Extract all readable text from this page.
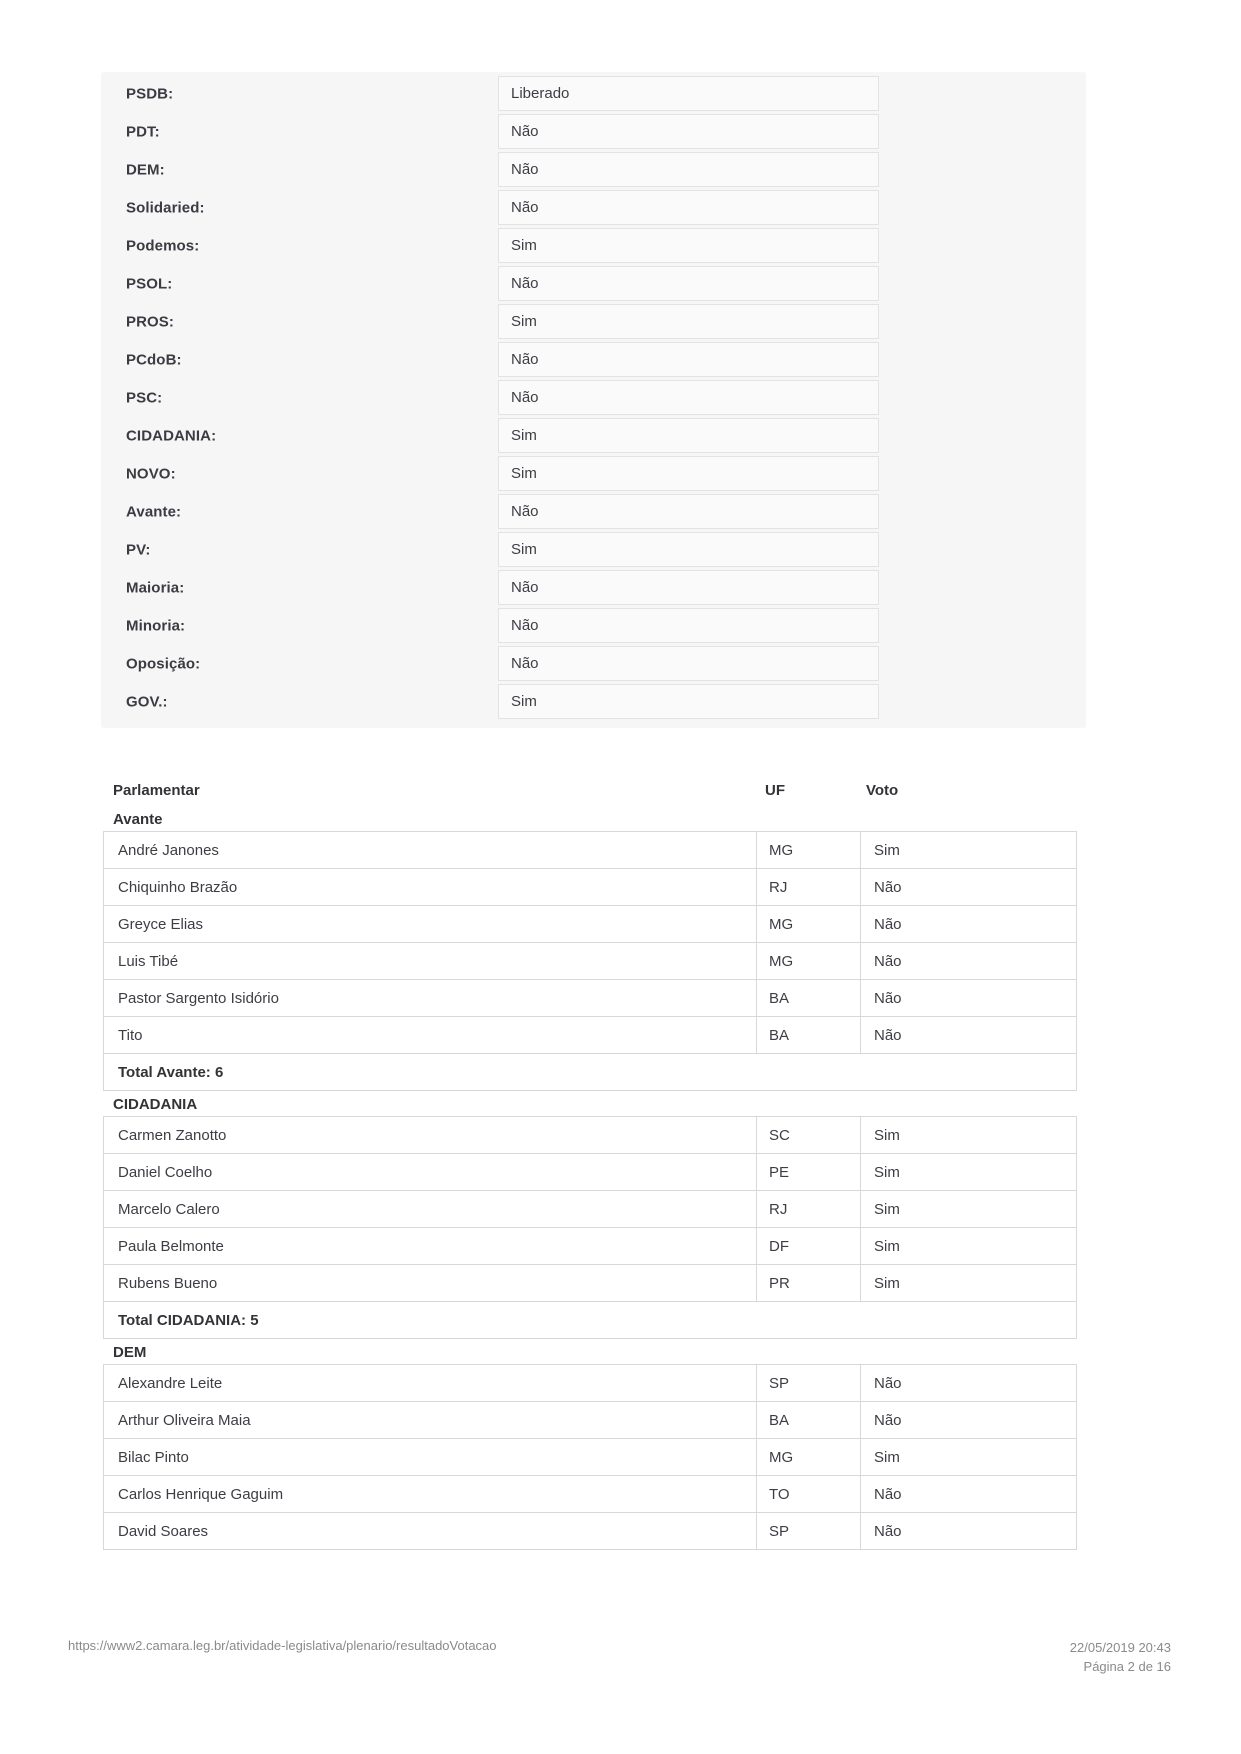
PSDB:	Liberado
PDT:	Não
DEM:	Não
Solidaried:	Não
Podemos:	Sim
PSOL:	Não
PROS:	Sim
PCdoB:	Não
PSC:	Não
CIDADANIA:	Sim
NOVO:	Sim
Avante:	Não
PV:	Sim
Maioria:	Não
Minoria:	Não
Oposição:	Não
GOV.:	Sim
Parlamentar	UF	Voto
Avante
André Janones	MG	Sim
Chiquinho Brazão	RJ	Não
Greyce Elias	MG	Não
Luis Tibé	MG	Não
Pastor Sargento Isidório	BA	Não
Tito	BA	Não
Total Avante: 6
CIDADANIA
Carmen Zanotto	SC	Sim
Daniel Coelho	PE	Sim
Marcelo Calero	RJ	Sim
Paula Belmonte	DF	Sim
Rubens Bueno	PR	Sim
Total CIDADANIA: 5
DEM
Alexandre Leite	SP	Não
Arthur Oliveira Maia	BA	Não
Bilac Pinto	MG	Sim
Carlos Henrique Gaguim	TO	Não
David Soares	SP	Não
https://www2.camara.leg.br/atividade-legislativa/plenario/resultadoVotacao	22/05/2019 20:43
Página 2 de 16
